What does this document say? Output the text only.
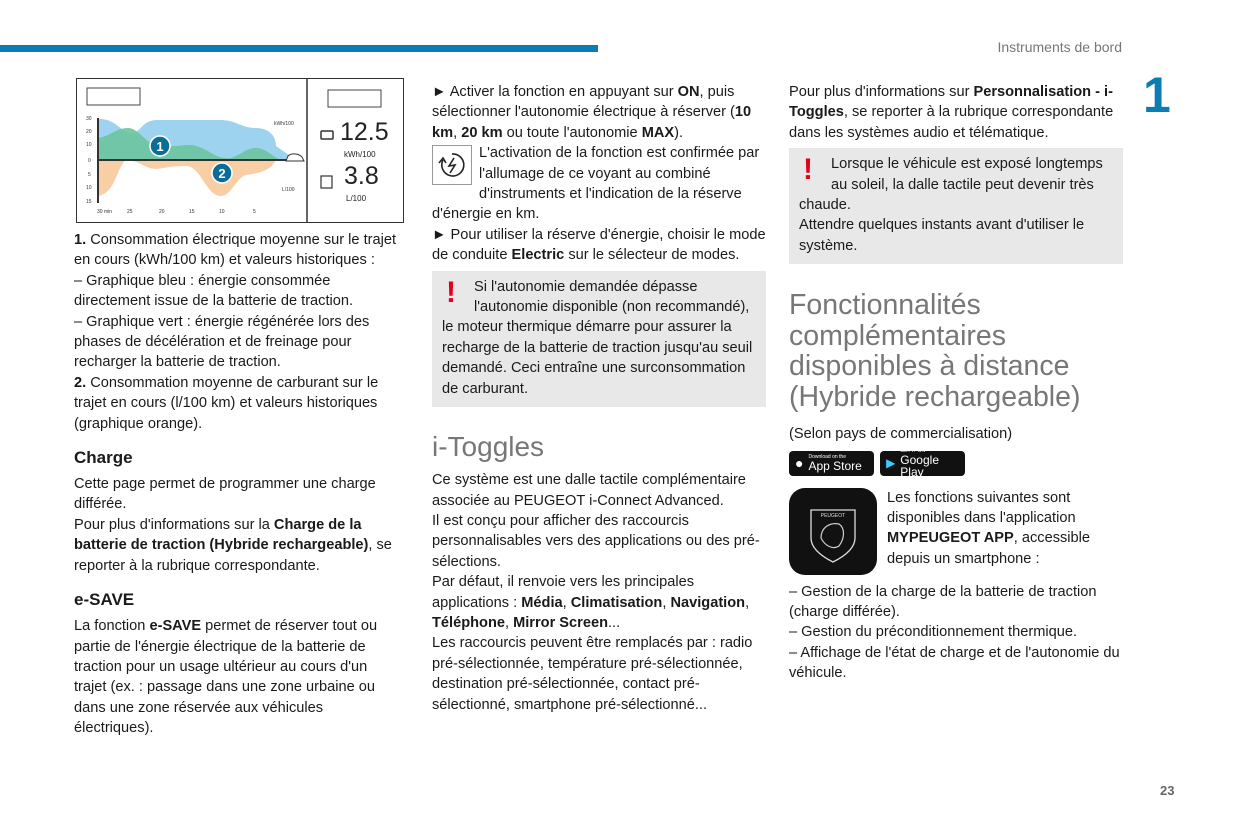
Instruments de bord
1
23
30
20
10
0
5
10
15
30 min	25	20	15	10	5
kWh/100
L/100
1
2
12.5
kWh/100
3.8
L/100

1. Consommation électrique moyenne sur le trajet en cours (kWh/100 km) et valeurs historiques :

– Graphique bleu : énergie consommée directement issue de la batterie de traction.

– Graphique vert : énergie régénérée lors des phases de décélération et de freinage pour recharger la batterie de traction.

2. Consommation moyenne de carburant sur le trajet en cours (l/100 km) et valeurs historiques (graphique orange).

Charge

Cette page permet de programmer une charge différée.

Pour plus d'informations sur la Charge de la batterie de traction (Hybride rechargeable), se reporter à la rubrique correspondante.

e-SAVE

La fonction e-SAVE permet de réserver tout ou partie de l'énergie électrique de la batterie de traction pour un usage ultérieur au cours d'un trajet (ex. : passage dans une zone urbaine ou dans une zone réservée aux véhicules électriques).

► Activer la fonction en appuyant sur ON, puis sélectionner l'autonomie électrique à réserver (10 km, 20 km ou toute l'autonomie MAX).

L'activation de la fonction est confirmée par l'allumage de ce voyant au combiné d'instruments et l'indication de la réserve d'énergie en km.

► Pour utiliser la réserve d'énergie, choisir le mode de conduite Electric sur le sélecteur de modes.

!	Si l'autonomie demandée dépasse l'autonomie disponible (non recommandé), le moteur thermique démarre pour assurer la recharge de la batterie de traction jusqu'au seuil demandé. Ceci entraîne une surconsommation de carburant.

i-Toggles

Ce système est une dalle tactile complémentaire associée au PEUGEOT i-Connect Advanced.

Il est conçu pour afficher des raccourcis personnalisables vers des applications ou des pré-sélections.

Par défaut, il renvoie vers les principales applications : Média, Climatisation, Navigation, Téléphone, Mirror Screen...

Les raccourcis peuvent être remplacés par : radio pré-sélectionnée, température pré-sélectionnée, destination pré-sélectionnée, contact pré-sélectionné, smartphone pré-sélectionné...

Pour plus d'informations sur Personnalisation - i-Toggles, se reporter à la rubrique correspondante dans les systèmes audio et télématique.

!	Lorsque le véhicule est exposé longtemps au soleil, la dalle tactile peut devenir très chaude.

Attendre quelques instants avant d'utiliser le système.

Fonctionnalités complémentaires disponibles à distance (Hybride rechargeable)

(Selon pays de commercialisation)

● Download on the
App Store
▶
GET IT ON
Google Play
PEUGEOT

Les fonctions suivantes sont disponibles dans l'application MYPEUGEOT APP, accessible depuis un smartphone :

– Gestion de la charge de la batterie de traction (charge différée).

– Gestion du préconditionnement thermique.

– Affichage de l'état de charge et de l'autonomie du véhicule.
